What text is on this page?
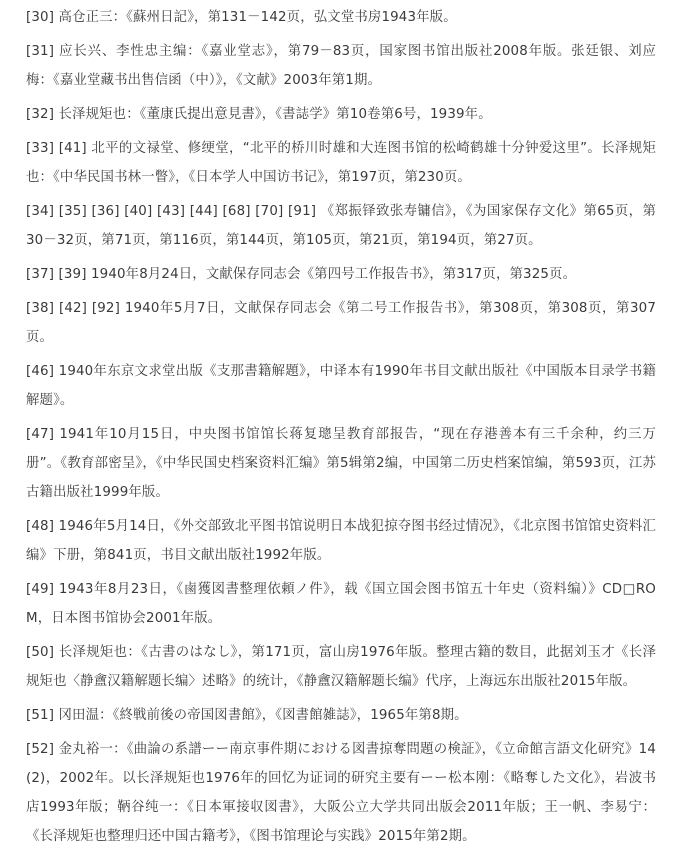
[30] 高仓正三：《蘇州日記》，第131－142页，弘文堂书房1943年版。

[31] 应长兴、李性忠主编：《嘉业堂志》，第79－83页，国家图书馆出版社2008年版。张廷银、刘应梅：《嘉业堂藏书出售信函（中）》，《文献》2003年第1期。

[32] 长泽规矩也：《董康氏提出意見書》，《書誌学》第10卷第6号，1939年。

[33] [41] 北平的文禄堂、修绠堂，“北平的桥川时雄和大连图书馆的松崎鹤雄十分钟爱这里”。长泽规矩也：《中华民国书林一瞥》，《日本学人中国访书记》，第197页，第230页。

[34] [35] [36] [40] [43] [44] [68] [70] [91] 《郑振铎致张寿镛信》，《为国家保存文化》第65页，第30－32页，第71页，第116页，第144页，第105页，第21页，第194页，第27页。

[37] [39] 1940年8月24日，文献保存同志会《第四号工作报告书》，第317页，第325页。

[38] [42] [92] 1940年5月7日，文献保存同志会《第二号工作报告书》，第308页，第308页，第307页。

[46] 1940年东京文求堂出版《支那書籍解題》，中译本有1990年书目文献出版社《中国版本目录学书籍解题》。

[47] 1941年10月15日，中央图书馆馆长蒋复璁呈教育部报告，“现在存港善本有三千余种，约三万册”。《教育部密呈》，《中华民国史档案资料汇编》第5辑第2编，中国第二历史档案馆编，第593页，江苏古籍出版社1999年版。

[48] 1946年5月14日，《外交部致北平图书馆说明日本战犯掠夺图书经过情况》，《北京图书馆馆史资料汇编》下册，第841页，书目文献出版社1992年版。

[49] 1943年8月23日，《鹵獲図書整理依頼ノ件》，载《国立国会图书馆五十年史（资料编）》CD□ROM，日本图书馆协会2001年版。

[50] 长泽规矩也：《古書のはなし》，第171页，富山房1976年版。整理古籍的数目，此据刘玉才《长泽规矩也〈静盦汉籍解题长编〉述略》的统计，《静盦汉籍解题长编》代序，上海远东出版社2015年版。

[51] 冈田温：《終戦前後の帝国図書館》，《図書館雑誌》，1965年第8期。

[52] 金丸裕一：《曲論の系譜ーー南京事件期における図書掠奪問題の検証》，《立命館言語文化研究》14(2)，2002年。以长泽规矩也1976年的回忆为证词的研究主要有ーー松本刚：《略奪した文化》，岩波书店1993年版；鞆谷纯一：《日本軍接収図書》，大阪公立大学共同出版会2011年版；王一帆、李易宁：《长泽规矩也整理归还中国古籍考》，《图书馆理论与实践》2015年第2期。
